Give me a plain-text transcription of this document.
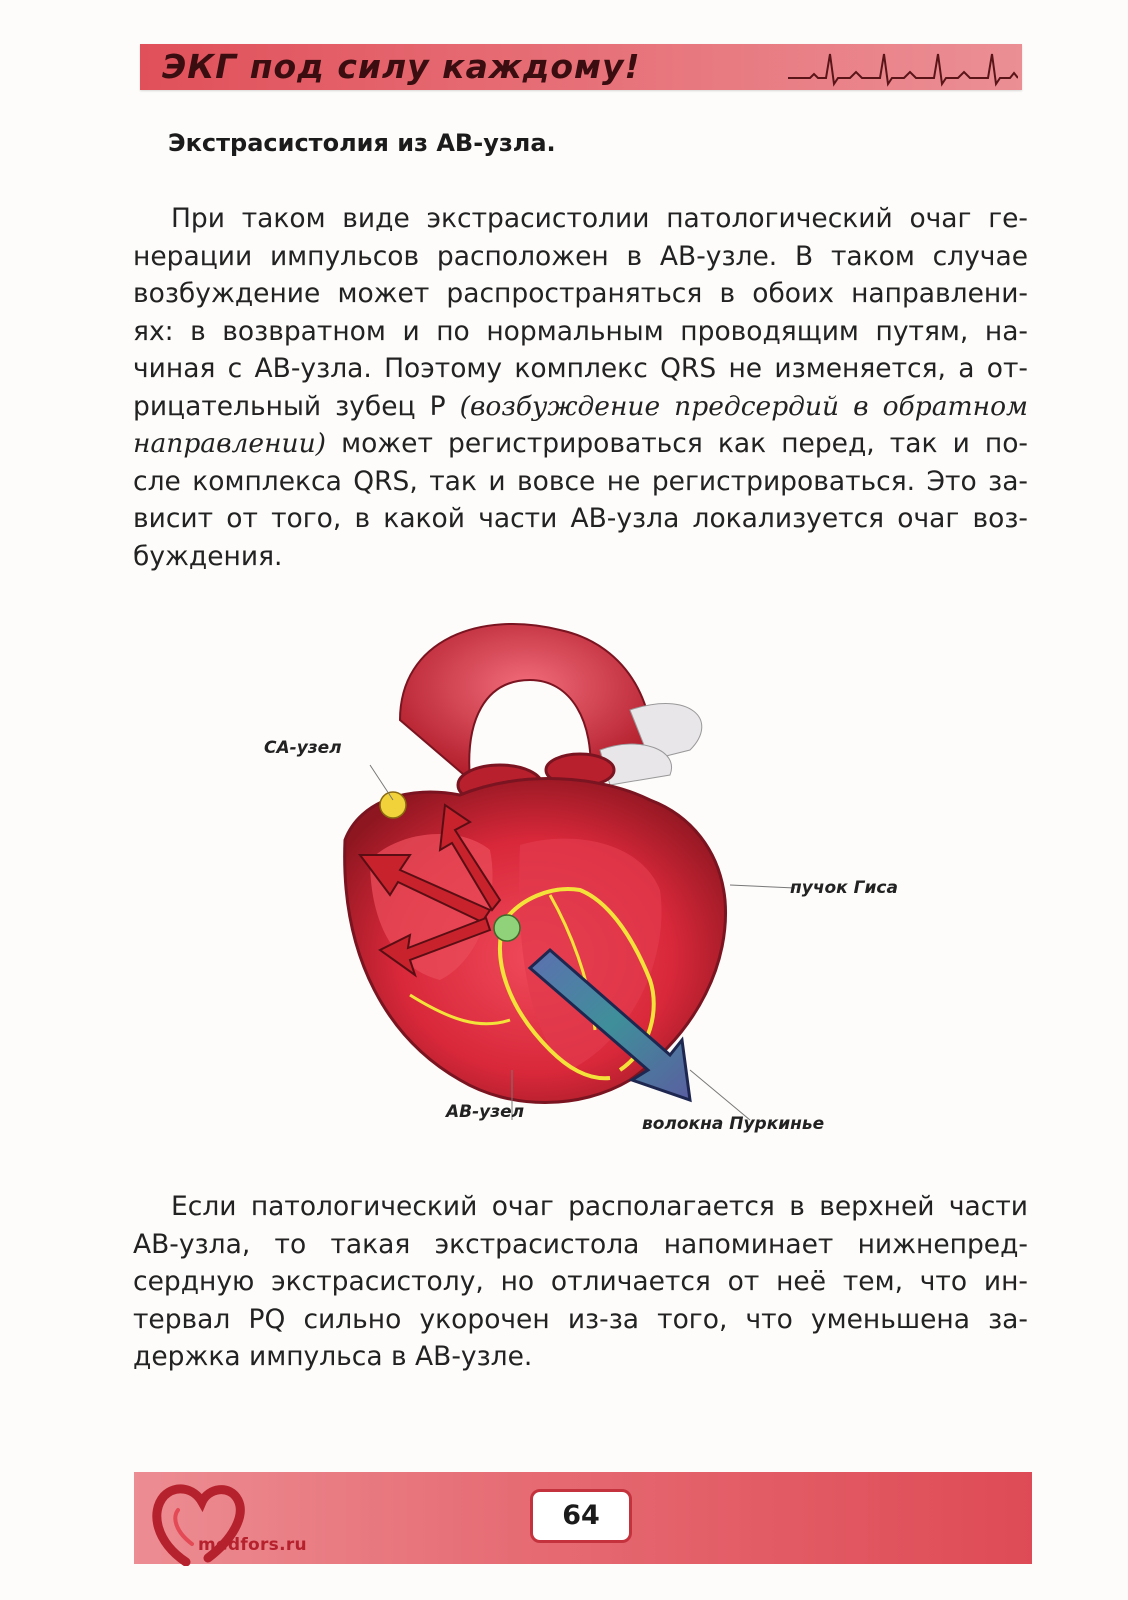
ЭКГ под силу каждому!
Экстрасистолия из АВ-узла.
При таком виде экстрасистолии патологический очаг ге-
нерации импульсов расположен в АВ-узле. В таком случае
возбуждение может распространяться в обоих направлени-
ях: в возвратном и по нормальным проводящим путям, на-
чиная с АВ-узла. Поэтому комплекс QRS не изменяется, а от-
рицательный зубец Р (возбуждение предсердий в обратном
направлении) может регистрироваться как перед, так и по-
сле комплекса QRS, так и вовсе не регистрироваться. Это за-
висит от того, в какой части АВ-узла локализуется очаг воз-
буждения.
СА-узел
пучок Гиса
АВ-узел
волокна Пуркинье
Если патологический очаг располагается в верхней части
АВ-узла, то такая экстрасистола напоминает нижнепред-
сердную экстрасистолу, но отличается от неё тем, что ин-
тервал PQ сильно укорочен из-за того, что уменьшена за-
держка импульса в АВ-узле.
medfors.ru
64
